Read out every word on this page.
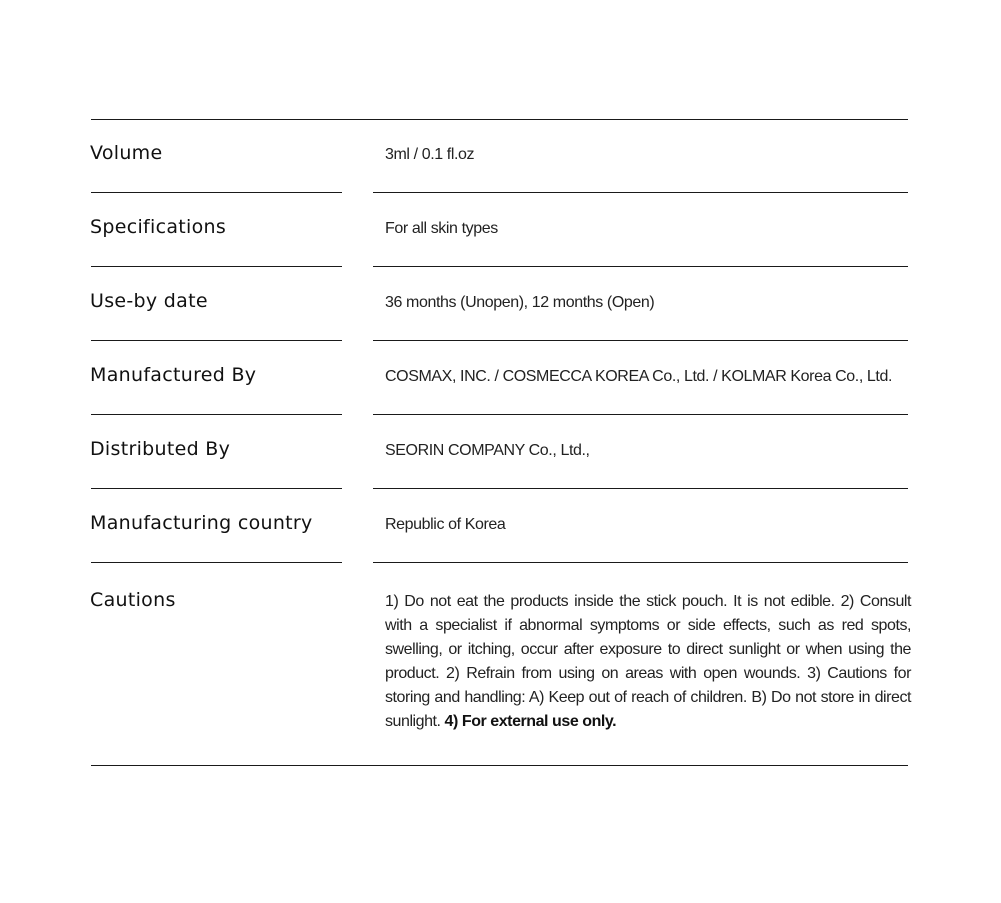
Volume	3ml / 0.1 fl.oz
Specifications	For all skin types
Use-by date	36 months (Unopen), 12 months (Open)
Manufactured By	COSMAX, INC. / COSMECCA KOREA Co., Ltd. / KOLMAR Korea Co., Ltd.
Distributed By	SEORIN COMPANY Co., Ltd.,
Manufacturing country	Republic of Korea
Cautions	1) Do not eat the products inside the stick pouch. It is not edible. 2) Consult with a specialist if abnormal symptoms or side effects, such as red spots, swelling, or itching, occur after exposure to direct sunlight or when using the product. 2) Refrain from using on areas with open wounds. 3) Cautions for storing and handling: A) Keep out of reach of children. B) Do not store in direct sunlight. 4) For external use only.
